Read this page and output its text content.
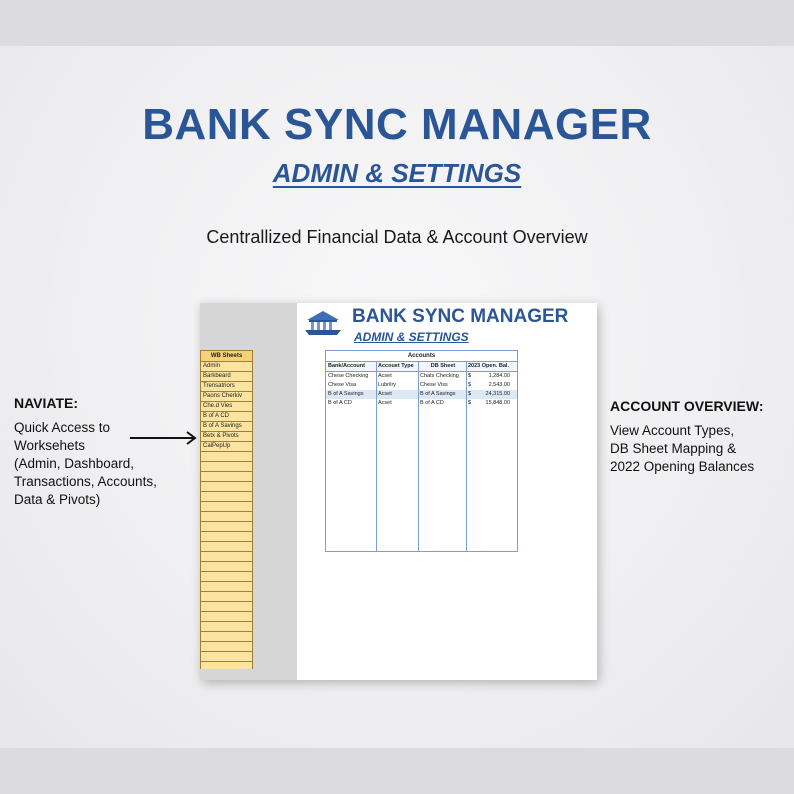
BANK SYNC MANAGER
ADMIN & SETTINGS

Centrallized Financial Data & Account Overview

NAVIATE:

Quick Access to
Worksehets
(Admin, Dashboard,
Transactions, Accounts,
Data & Pivots)

ACCOUNT OVERVIEW:

View Account Types,
DB Sheet Mapping &
2022 Opening Balances

WB Sheets
Admin
Barkbeard
Trensatriors
Paons Cherkiv
Che.d Vies
B of A CD
B of A Savings
Betx & Pivots
CalPepUp

BANK SYNC MANAGER

ADMIN & SETTINGS

Accounts
Bank/Account	Accouet Type	DB Sheet	2023 Open. Bal.
Chese Checking	Acset	Chats Checking	$	1,284.00
Chese Visa	Lubrilry	Chese Viss	$	2,543.00
B of A Savings	Acset	B of A Savings	$	24,315.00
B of A CD	Acset	B of A CD	$	15,848.00
